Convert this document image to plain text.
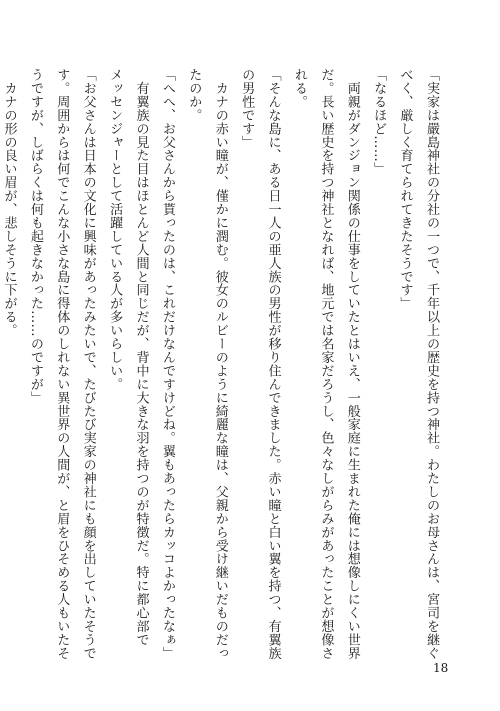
「実家は嚴島神社の分社の一つで、千年以上の歴史を持つ神社。わたしのお母さんは、宮司を継ぐ
べく、厳しく育てられてきたそうです」
「なるほど……」
　両親がダンジョン関係の仕事をしていたとはいえ、一般家庭に生まれた俺には想像しにくい世界
だ。長い歴史を持つ神社となれば、地元では名家だろうし、色々なしがらみがあったことが想像さ
れる。
「そんな島に、ある日一人の亜人族の男性が移り住んできました。赤い瞳と白い翼を持つ、有翼族
の男性です」
　カナの赤い瞳が、僅かに潤む。彼女のルビーのように綺麗な瞳は、父親から受け継いだものだっ
たのか。
「へへ、お父さんから貰ったのは、これだけなんですけどね。翼もあったらカッコよかったなぁ」
　有翼族の見た目はほとんど人間と同じだが、背中に大きな羽を持つのが特徴だ。特に都心部で
メッセンジャーとして活躍している人が多いらしい。
「お父さんは日本の文化に興味があったみたいで、たびたび実家の神社にも顔を出していたそうで
す。周囲からは何でこんな小さな島に得体のしれない異世界の人間が、と眉をひそめる人もいたそ
うですが、しばらくは何も起きなかった……のですが」
　カナの形の良い眉が、悲しそうに下がる。
18
